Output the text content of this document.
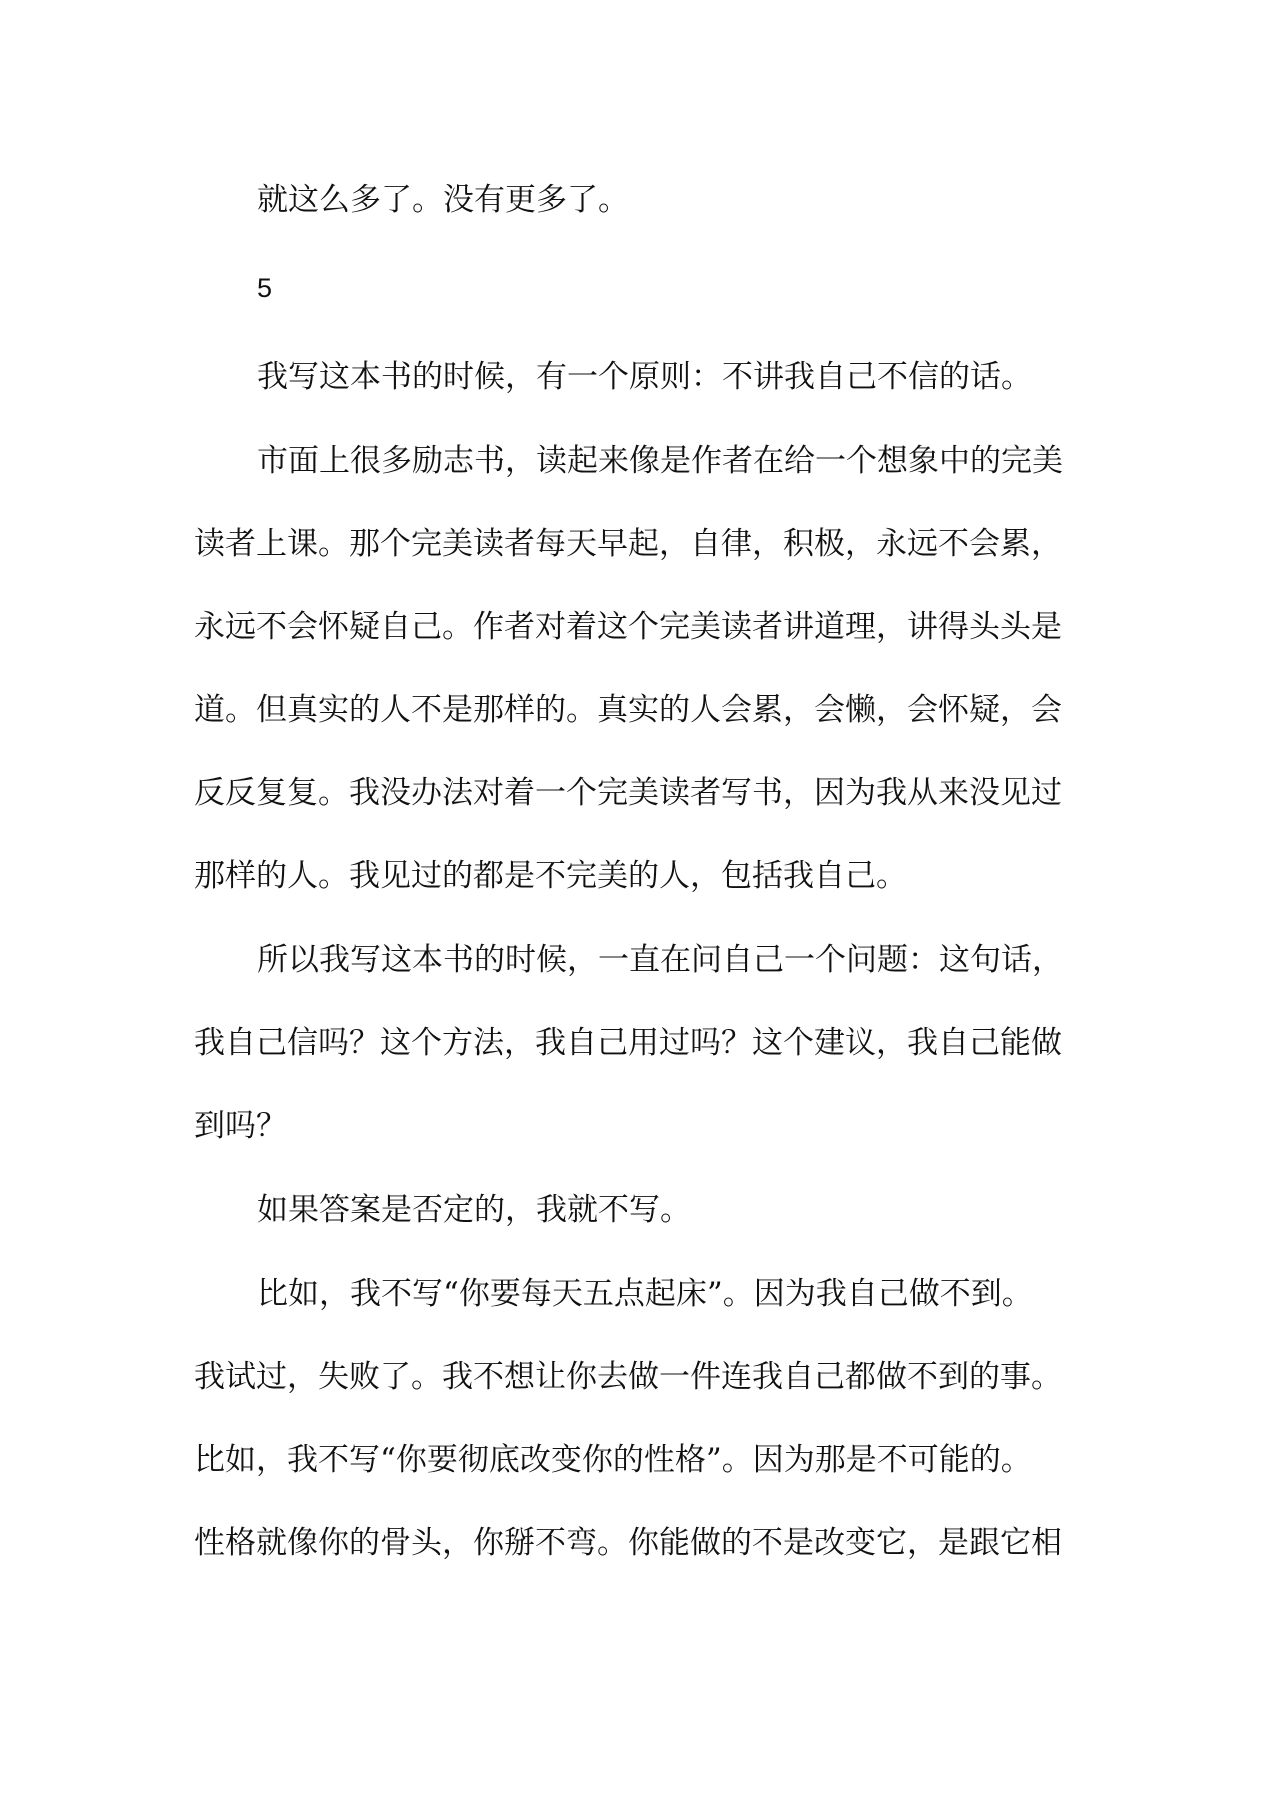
就这么多了。没有更多了。
5
我写这本书的时候，有一个原则：不讲我自己不信的话。
市面上很多励志书，读起来像是作者在给一个想象中的完美
读者上课。那个完美读者每天早起，自律，积极，永远不会累，
永远不会怀疑自己。作者对着这个完美读者讲道理，讲得头头是
道。但真实的人不是那样的。真实的人会累，会懒，会怀疑，会
反反复复。我没办法对着一个完美读者写书，因为我从来没见过
那样的人。我见过的都是不完美的人，包括我自己。
所以我写这本书的时候，一直在问自己一个问题：这句话，
我自己信吗？这个方法，我自己用过吗？这个建议，我自己能做
到吗？
如果答案是否定的，我就不写。
比如，我不写“你要每天五点起床”。因为我自己做不到。
我试过，失败了。我不想让你去做一件连我自己都做不到的事。
比如，我不写“你要彻底改变你的性格”。因为那是不可能的。
性格就像你的骨头，你掰不弯。你能做的不是改变它，是跟它相
